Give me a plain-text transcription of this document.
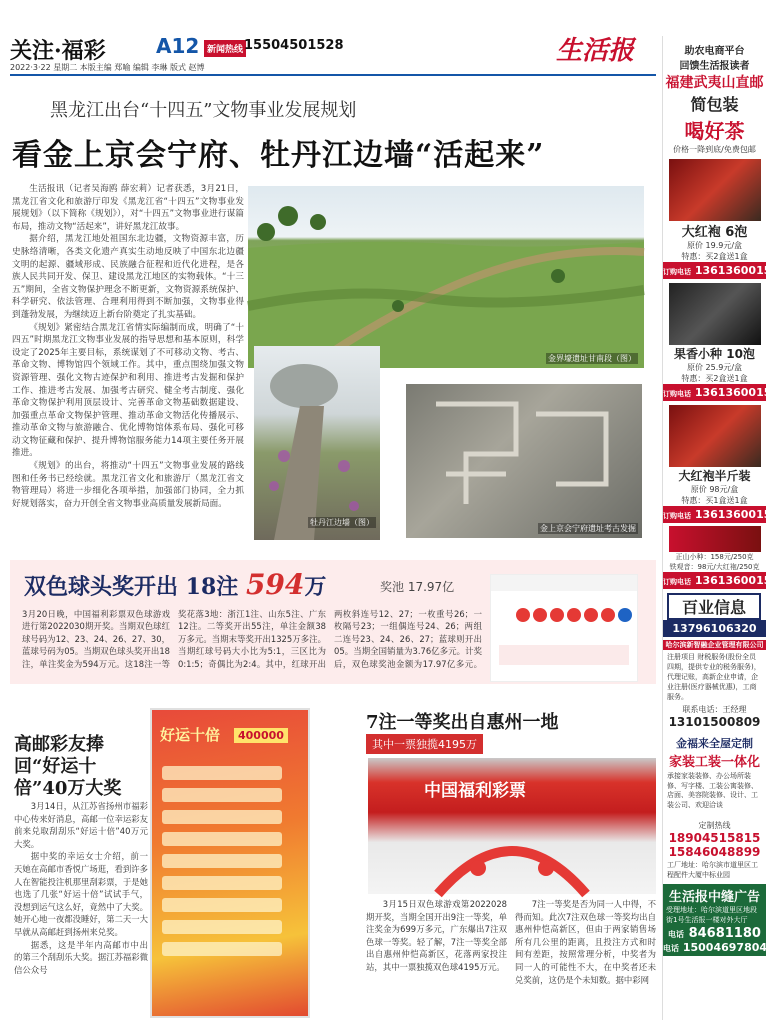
关注·福彩	A12 新闻热线 15504501528	生活报
2022·3·22 星期二 本版主编 郑喻 编辑 李琳 版式 赵博
黑龙江出台“十四五”文物事业发展规划
看金上京会宁府、牡丹江边墙“活起来”

生活报讯（记者吴海鸥 薛宏莉）记者获悉，3月21日，黑龙江省文化和旅游厅印发《黑龙江省“十四五”文物事业发展规划》（以下简称《规划》），对“十四五”文物事业进行谋篇布局，推动文物“活起来”，讲好黑龙江故事。

据介绍，黑龙江地处祖国东北边疆，文物资源丰富，历史脉络清晰，各类文化遗产真实生动地反映了中国东北边疆文明的起源、疆域形成、民族融合征程和近代化进程，是各族人民共同开发、保卫、建设黑龙江地区的实物载体。“十三五”期间，全省文物保护理念不断更新，文物资源系统保护、科学研究、依法管理、合理利用得到不断加强，文物事业得到蓬勃发展，为继续迈上新台阶奠定了扎实基础。

《规划》紧密结合黑龙江省情实际编制而成，明确了“十四五”时期黑龙江文物事业发展的指导思想和基本原则，科学设定了2025年主要目标，系统谋划了不可移动文物、考古、革命文物、博物馆四个领域工作。其中，重点围绕加强文物资源管理、强化文物古迹保护和利用、推进考古发掘和保护工作、推进考古发展、加强考古研究、健全考古制度、强化革命文物保护利用顶层设计、完善革命文物基础数据建设、加强重点革命文物保护管理、推动革命文物活化传播展示、推动革命文物与旅游融合、优化博物馆体系布局、强化可移动文物征藏和保护、提升博物馆服务能力14项主要任务开展推进。

《规划》的出台，将推动“十四五”文物事业发展的路线图和任务书已经绘就。黑龙江省文化和旅游厅（黑龙江省文物管理局）将进一步细化各项举措，加强部门协同，全力抓好规划落实，奋力开创全省文物事业高质量发展新局面。

金界壕遗址甘南段（图）
牡丹江边墙（图）
金上京会宁府遗址考古发掘
双色球头奖开出 18注 594万	奖池 17.97亿
3月20日晚，中国福利彩票双色球游戏进行第2022030期开奖。当期双色球红球号码为12、23、24、26、27、30，蓝球号码为05。当期双色球头奖开出18注，单注奖金为594万元。这18注一等奖花落3地：浙江1注、山东5注、广东12注。二等奖开出55注，单注金额38万多元。当期末等奖开出1325万多注。当期红球号码大小比为5:1，三区比为0:1:5；奇偶比为2:4。其中，红球开出两枚斜连号12、27；一枚重号26；一枚隔号23；一组偶连号24、26；两组二连号23、24、26、27；蓝球则开出05。当期全国销量为3.76亿多元。计奖后，双色球奖池金额为17.97亿多元。
高邮彩友捧回“好运十倍”40万大奖

3月14日，从江苏省扬州市福彩中心传来好消息，高邮一位幸运彩友前来兑取刮刮乐“好运十倍”40万元大奖。

据中奖的幸运女士介绍，前一天她在高邮市香悦广场逛，看到许多人在智能投注机那里刮彩票，于是她也选了几张“好运十倍”试试手气，没想到运气这么好，竟然中了大奖。她开心地一夜都没睡好，第二天一大早就从高邮赶到扬州来兑奖。

据悉，这是半年内高邮市中出的第三个刮刮乐大奖。据江苏福彩微信公众号

好运十倍	400000
7注一等奖出自惠州一地
其中一票独揽4195万
中国福利彩票

3月15日双色球游戏第2022028期开奖，当期全国开出9注一等奖，单注奖金为699万多元，广东爆出7注双色球一等奖。轻了解，7注一等奖全部出自惠州仲恺高新区，花落两家投注站，其中一票独揽双色球4195万元。

7注一等奖是否为同一人中得，不得而知。此次7注双色球一等奖均出自惠州仲恺高新区，但由于两家销售场所有几公里的距离，且投注方式和时间有差距，按照常理分析，中奖者为同一人的可能性不大，在中奖者还未兑奖前，这仍是个未知数。据中彩网

助农电商平台
回馈生活报读者
福建武夷山直邮
简包装
喝好茶
价格一降到底/免费包邮
大红袍 6泡
原价 19.9元/盒
特惠：买2盒送1盒
订购电话 13613600156
果香小种 10泡
原价 25.9元/盒
特惠：买2盒送1盒
订购电话 13613600156
大红袍半斤装
原价 98元/盒
特惠：买1盒送1盒
订购电话 13613600156
正山小种：158元/250克
铁观音：98元/大红袍/250克
订购电话 13613600156
百业信息
13796106320
哈尔滨新智融企业管理有限公司
注册项目 财税服务(股份全员四期，提供专业的税务服务)，代理记账，高新企业申请，企业注册(医疗器械优惠)，工商服务。
联系电话：王经理
13101500809
金福来全屋定制
家装工装一体化
承接家装装修、办公场所装修、写字楼、工装公寓装修、店面、美容院装修、设计、工装公司、欢迎洽谈
定制热线
18904515815
15846048899
工厂地址：哈尔滨市道里区工程配件大厦中标业园
生活报中缝广告
受理地址：哈尔滨道里区地段街1号生活报一楼对外大厅
电话 84681180
电话 15004697804
